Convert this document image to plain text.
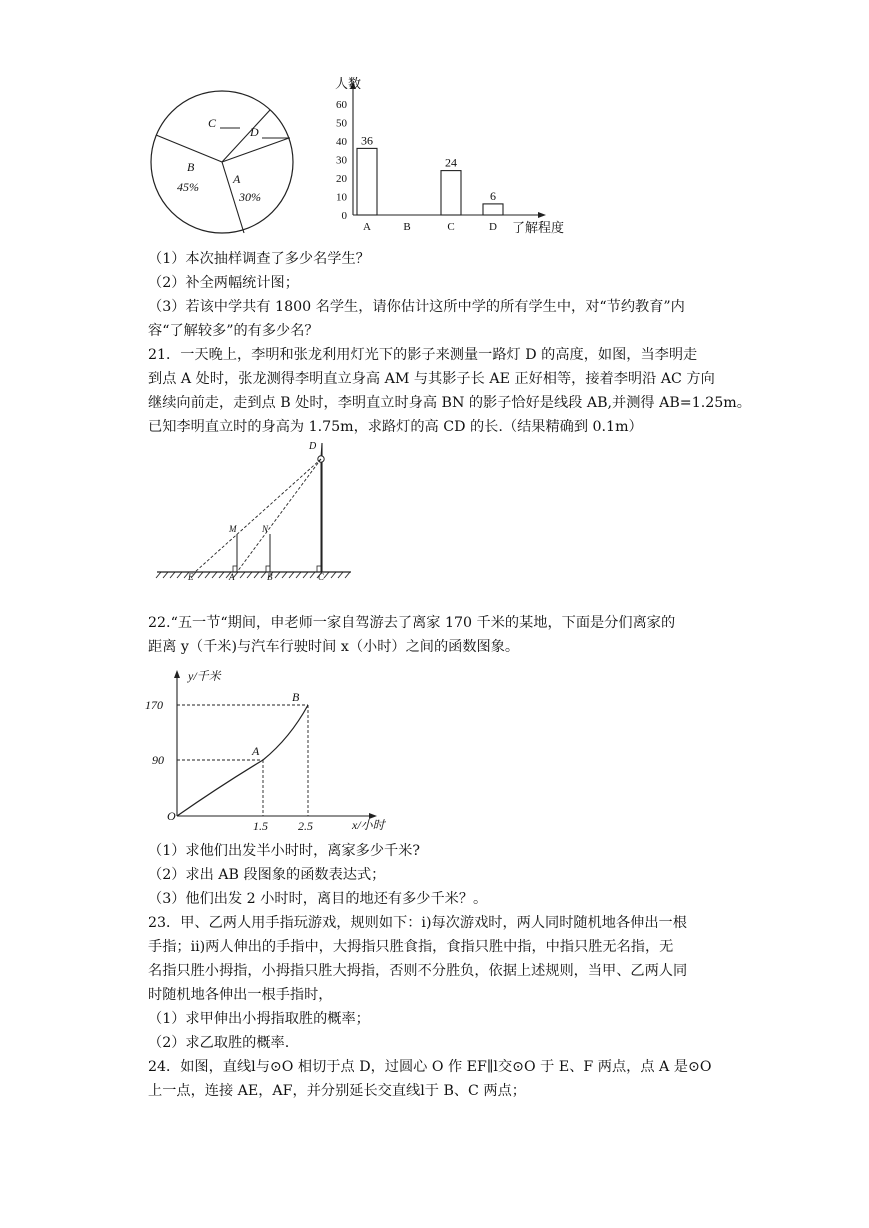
C
D
B
45%
A
30%
0
10
20
30
40
50
60
A
36
B	C
24
D
6
人数
了解程度
（1）本次抽样调查了多少名学生？
（2）补全两幅统计图；
（3）若该中学共有 1800 名学生，请你估计这所中学的所有学生中，对“节约教育”内
容“了解较多”的有多少名？
21．一天晚上，李明和张龙利用灯光下的影子来测量一路灯 D 的高度，如图，当李明走
到点 A 处时，张龙测得李明直立身高 AM 与其影子长 AE 正好相等，接着李明沿 AC 方向
继续向前走，走到点 B 处时，李明直立时身高 BN 的影子恰好是线段 AB,并测得 AB=1.25m。
已知李明直立时的身高为 1.75m，求路灯的高 CD 的长.（结果精确到 0.1m）
D
M	N
E	A	B	C
22.“五一节“期间，申老师一家自驾游去了离家 170 千米的某地，下面是分们离家的
距离 y（千米)与汽车行驶时间 x（小时）之间的函数图象。
y/千米
x/小时
170
90
1.5	2.5
O
A
B
（1）求他们出发半小时时，离家多少千米?
（2）求出 AB 段图象的函数表达式；
（3）他们出发 2 小时时，离目的地还有多少千米？。
23．甲、乙两人用手指玩游戏，规则如下：i)每次游戏时，两人同时随机地各伸出一根
手指；ii)两人伸出的手指中，大拇指只胜食指，食指只胜中指，中指只胜无名指，无
名指只胜小拇指，小拇指只胜大拇指，否则不分胜负，依据上述规则，当甲、乙两人同
时随机地各伸出一根手指时，
（1）求甲伸出小拇指取胜的概率；
（2）求乙取胜的概率.
24．如图，直线l与⊙O 相切于点 D，过圆心 O 作 EF∥l交⊙O 于 E、F 两点，点 A 是⊙O
上一点，连接 AE，AF，并分别延长交直线l于 B、C 两点；
